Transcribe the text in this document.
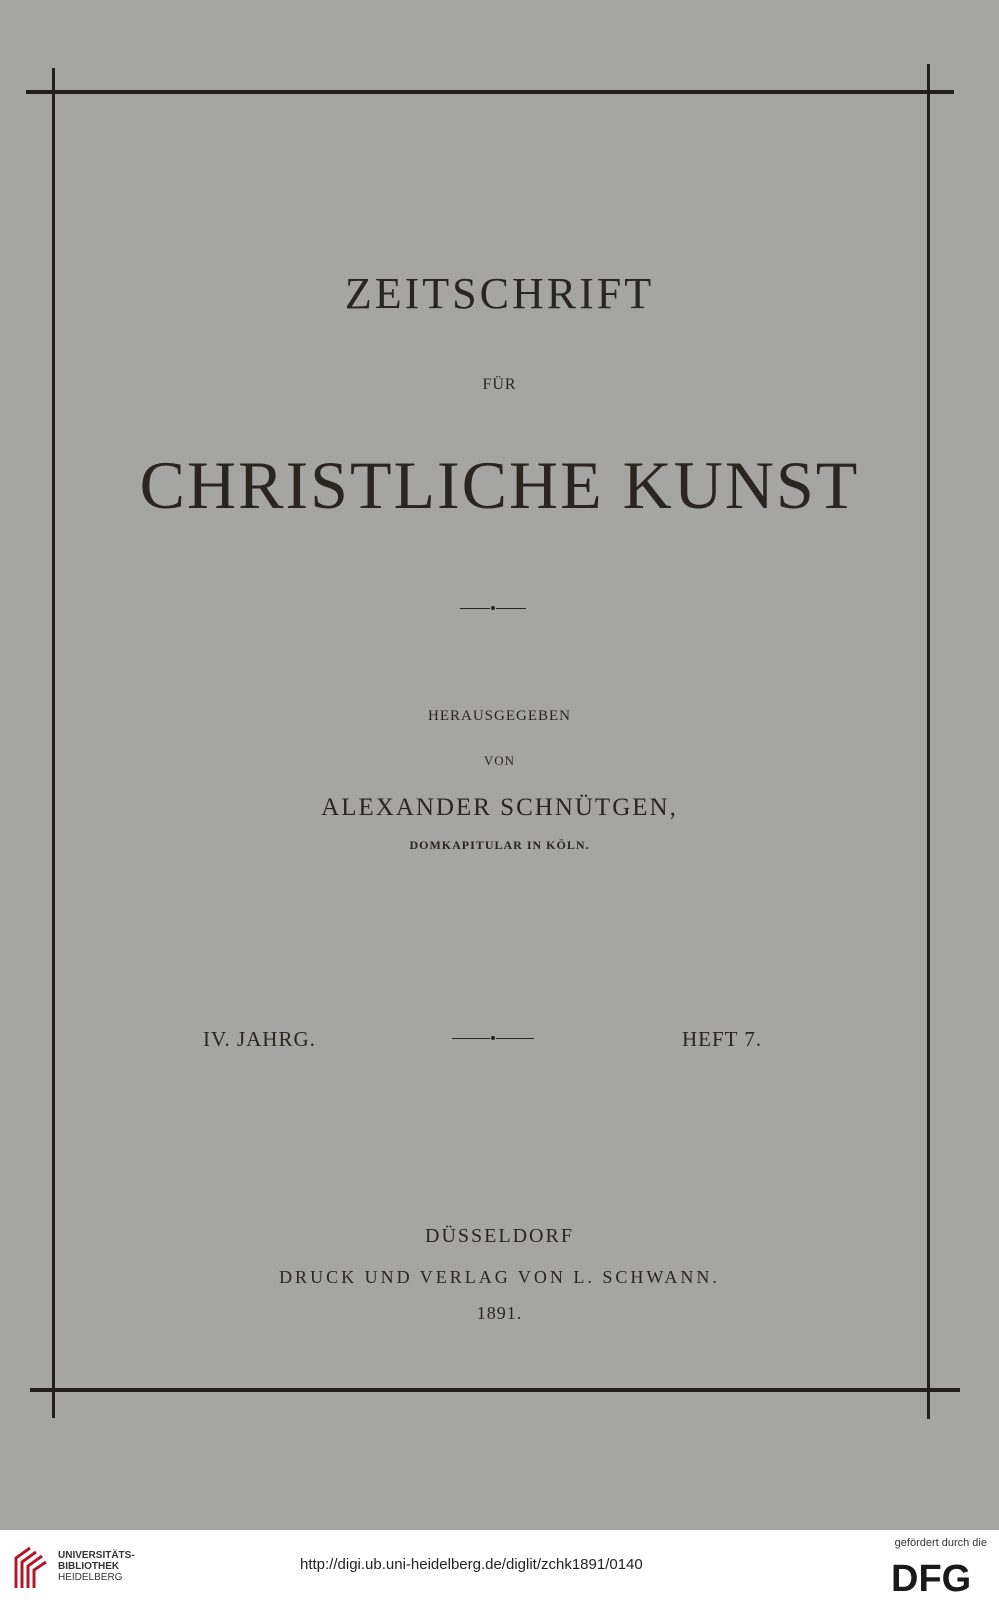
ZEITSCHRIFT
FÜR
CHRISTLICHE KUNST
HERAUSGEGEBEN
VON
ALEXANDER SCHNÜTGEN,
DOMKAPITULAR IN KÖLN.
IV. JAHRG.	HEFT 7.
DÜSSELDORF
DRUCK UND VERLAG VON L. SCHWANN.
1891.
UNIVERSITÄTS-
BIBLIOTHEK
HEIDELBERG
http://digi.ub.uni-heidelberg.de/diglit/zchk1891/0140
gefördert durch die
DFG
